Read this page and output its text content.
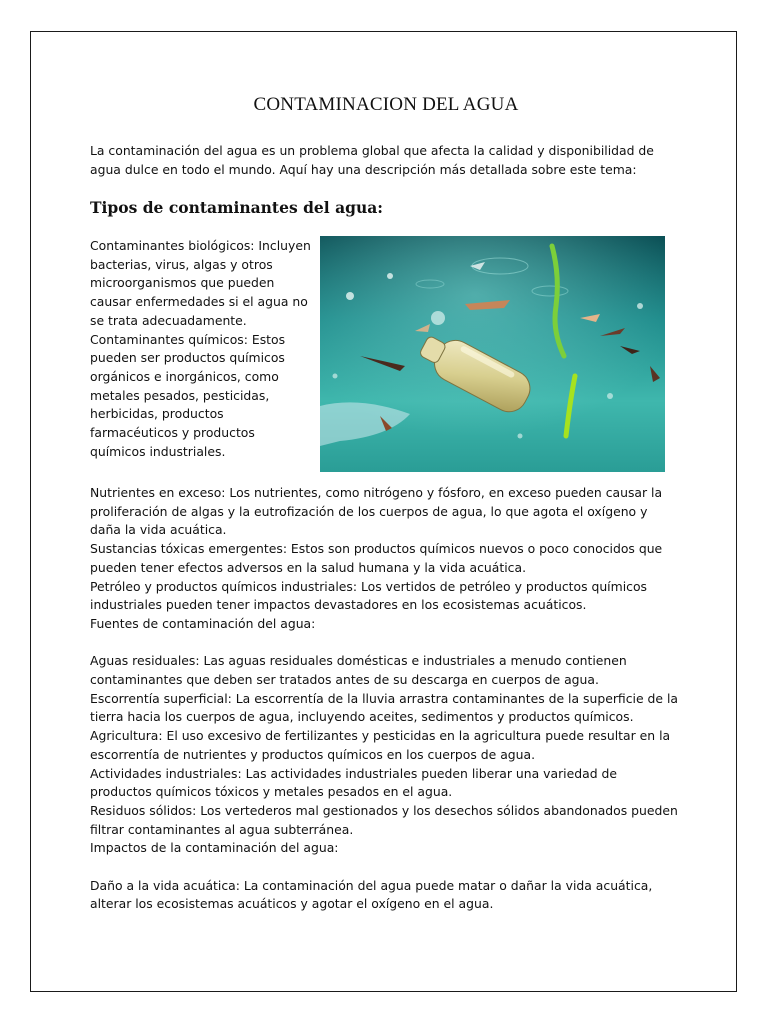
CONTAMINACION DEL AGUA

La contaminación del agua es un problema global que afecta la calidad y disponibilidad de agua dulce en todo el mundo. Aquí hay una descripción más detallada sobre este tema:

Tipos de contaminantes del agua:
Contaminantes biológicos: Incluyen bacterias, virus, algas y otros microorganismos que pueden causar enfermedades si el agua no se trata adecuadamente.
Contaminantes químicos: Estos pueden ser productos químicos orgánicos e inorgánicos, como metales pesados, pesticidas, herbicidas, productos farmacéuticos y productos químicos industriales.
Nutrientes en exceso: Los nutrientes, como nitrógeno y fósforo, en exceso pueden causar la proliferación de algas y la eutrofización de los cuerpos de agua, lo que agota el oxígeno y daña la vida acuática.
Sustancias tóxicas emergentes: Estos son productos químicos nuevos o poco conocidos que pueden tener efectos adversos en la salud humana y la vida acuática.
Petróleo y productos químicos industriales: Los vertidos de petróleo y productos químicos industriales pueden tener impactos devastadores en los ecosistemas acuáticos.
Fuentes de contaminación del agua:
Aguas residuales: Las aguas residuales domésticas e industriales a menudo contienen contaminantes que deben ser tratados antes de su descarga en cuerpos de agua.
Escorrentía superficial: La escorrentía de la lluvia arrastra contaminantes de la superficie de la tierra hacia los cuerpos de agua, incluyendo aceites, sedimentos y productos químicos.
Agricultura: El uso excesivo de fertilizantes y pesticidas en la agricultura puede resultar en la escorrentía de nutrientes y productos químicos en los cuerpos de agua.
Actividades industriales: Las actividades industriales pueden liberar una variedad de productos químicos tóxicos y metales pesados en el agua.
Residuos sólidos: Los vertederos mal gestionados y los desechos sólidos abandonados pueden filtrar contaminantes al agua subterránea.
Impactos de la contaminación del agua:
Daño a la vida acuática: La contaminación del agua puede matar o dañar la vida acuática, alterar los ecosistemas acuáticos y agotar el oxígeno en el agua.
